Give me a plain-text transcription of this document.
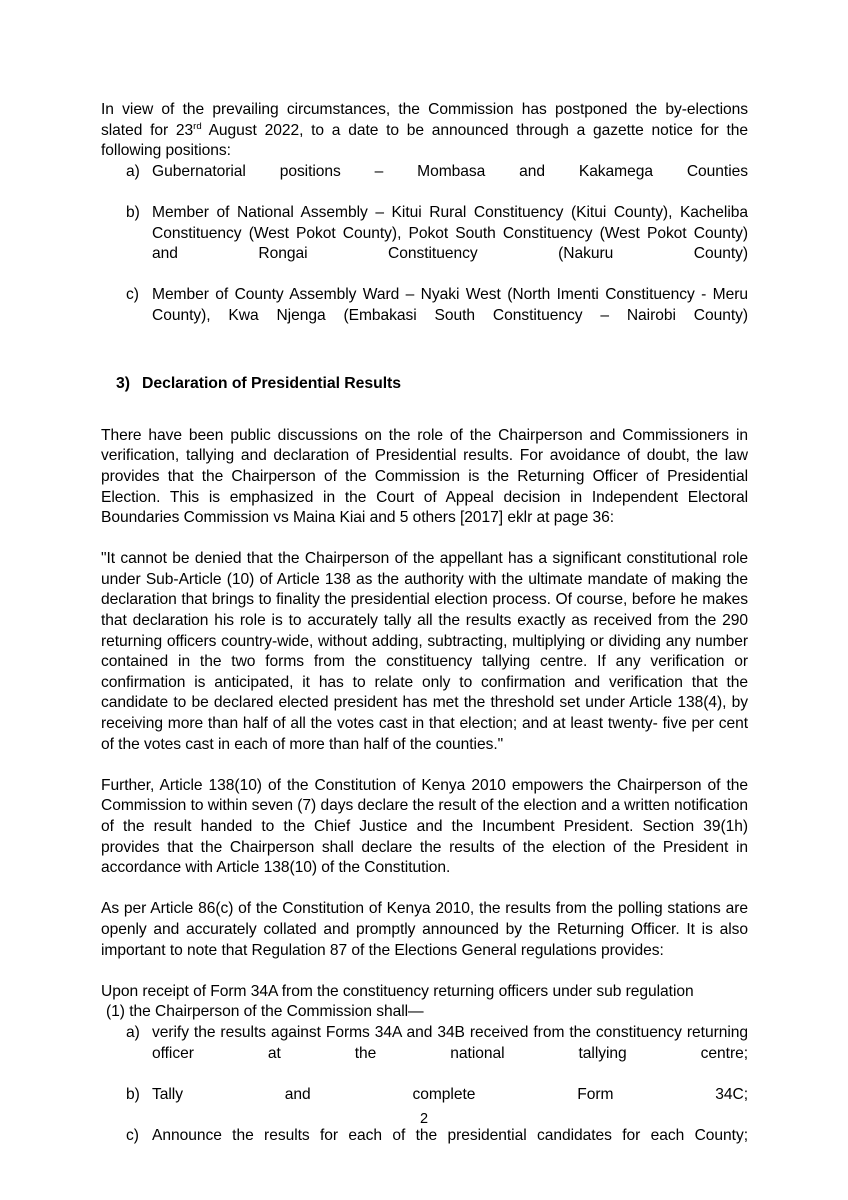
In view of the prevailing circumstances, the Commission has postponed the by-elections slated for 23rd August 2022, to a date to be announced through a gazette notice for the following positions:

a) Gubernatorial positions – Mombasa and Kakamega Counties
b) Member of National Assembly – Kitui Rural Constituency (Kitui County), Kacheliba Constituency (West Pokot County), Pokot South Constituency (West Pokot County) and Rongai Constituency (Nakuru County)
c) Member of County Assembly Ward – Nyaki West (North Imenti Constituency - Meru County), Kwa Njenga (Embakasi South Constituency – Nairobi County)
3) Declaration of Presidential Results

There have been public discussions on the role of the Chairperson and Commissioners in verification, tallying and declaration of Presidential results. For avoidance of doubt, the law provides that the Chairperson of the Commission is the Returning Officer of Presidential Election. This is emphasized in the Court of Appeal decision in Independent Electoral Boundaries Commission vs Maina Kiai and 5 others [2017] eklr at page 36:

"It cannot be denied that the Chairperson of the appellant has a significant constitutional role under Sub-Article (10) of Article 138 as the authority with the ultimate mandate of making the declaration that brings to finality the presidential election process. Of course, before he makes that declaration his role is to accurately tally all the results exactly as received from the 290 returning officers country-wide, without adding, subtracting, multiplying or dividing any number contained in the two forms from the constituency tallying centre. If any verification or confirmation is anticipated, it has to relate only to confirmation and verification that the candidate to be declared elected president has met the threshold set under Article 138(4), by receiving more than half of all the votes cast in that election; and at least twenty- five per cent of the votes cast in each of more than half of the counties."

Further, Article 138(10) of the Constitution of Kenya 2010 empowers the Chairperson of the Commission to within seven (7) days declare the result of the election and a written notification of the result handed to the Chief Justice and the Incumbent President. Section 39(1h) provides that the Chairperson shall declare the results of the election of the President in accordance with Article 138(10) of the Constitution.

As per Article 86(c) of the Constitution of Kenya 2010, the results from the polling stations are openly and accurately collated and promptly announced by the Returning Officer. It is also important to note that Regulation 87 of the Elections General regulations provides:

Upon receipt of Form 34A from the constituency returning officers under sub regulation

(1) the Chairperson of the Commission shall—

a) verify the results against Forms 34A and 34B received from the constituency returning officer at the national tallying centre;
b) Tally and complete Form 34C;
c) Announce the results for each of the presidential candidates for each County;
2
